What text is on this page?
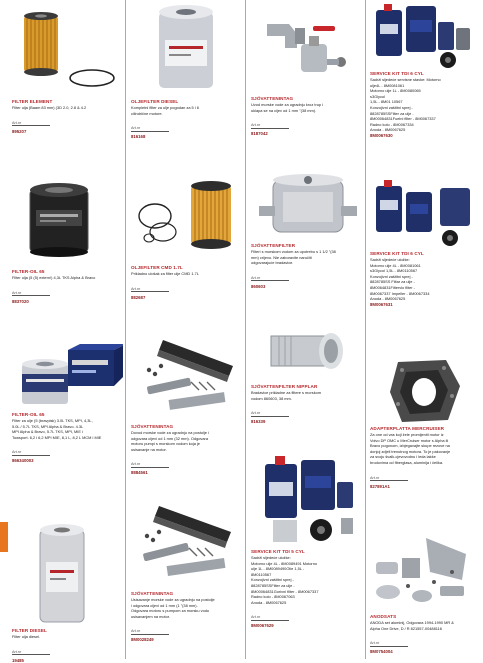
FILTER ELEMENT
Filter ulja (Baam 83 mm) (3D 2.0, 2.8 & 4.2
Art.nr
895207
FILTER-OIL 65
Filter ulja (5 (5) extern!) 4,3L TKS Alpha & Bravo
Art.nr
8837020
FILTER-OIL 65
Filter za ulje (5 (bravpisk) 3.0L TKS, MPI, 4,3L,
5.0L / 5.7L TKS, MPI Alpha & Bravo. 4.3L
MPI Alpha & Bravo, 5.7L TKS, MPI, MIE i
Towsport. 6,2 i 6,2 MPI MIE, 8,1 L, 8,2 L MCM i MIE
Art.nr
866340003
FILTER DIESEL
Filter ulja diesel.
Art.nr
19485
OLJEFILTER DIESEL
Kompletni filter za ulje pogodan za 5 i 6
cilindrične motore.
Art.nr
816168
OLJEFILTER CMD 1.7L
Prikladno ulošak za filter ulje CMD 1.7L
Art.nr
882687
SJÖVATTENINTAG
Dovod morske vode za ugradnju na postolje i
odgovara cijevi od 1 mm (32 mm). Odgovara
motoru pumpi s morskom vodom koja je
usisavanje na motor.
Art.nr
8884561
SJÖVATTENINTAG
Usisavanje morske vode za ugradnju na postolje
i odgovara cijevi od 1 mm (1 "(38 mm).
Odgovara motoru s pumpom za morsku vodu
usisavanjem na motor.
Art.nr
8M0028249
SJÖVATTENINTAG
Uvod morske vode za ugradnju kroz trup i
uklapa se na cijev od 1 mm "(38 mm).
Art.nr
8187042
SJÖVATTENFILTER
Filteri s morskom vodom za upotrebu s 1 1/2 "(38
mm) crijevo. Nie zaboravite naručiti
odgovarajuće bradavice.
Art.nr
860603
SJÖVATTENFILTER NIPPLAR
Bradavice prikladne za filtere s morskom
vodom 860603, 38 mm.
Art.nr
816339
SERVICE KIT TDI 5 CYL
Sadrži sljedeće uložke:
Motorno ulje 4L - 8M0089491 Motorno
ulje 1L - 8M0089490Olie 1,5L -
8M0110567
Konzojivni zaštitni sprej -
8828785SSFilter za ulje -
8M00064831Gorivni filter - 8M0067337
Radno kolo - 8M0067063
Anoda - 8M0067625
Art.nr
8M0067629
SERVICE KIT TDI 6 CYL
Sadrži sljedeće servisne stavke: Motorno
ulje4L - 8M0081061
Motorno ulje 1L - 8M0080065
s3Glycol
1,5L - 8M01 10567
Konzojivni zaštitni sprej -
8828785SSFilter za ulje -
8M00064831Fuelni filter - 8M0067337
Radno kolo - 8M0067334
Anoda - 8M0067625
8M0067630
SERVICE KIT TDI 6 CYL
Sadrži sljedeće uložke:
Motorno ulje 4L - 8M0081061
s3Glycol 1,5L - 8M0110567
Konzojivni zaštitni sprej -
8828785SS Filtar za ulje -
8M0064831Filtervlo filter -
8M0067337 Impeller - 8M0067334
Anoda - 8M0067625
8M0067631
ADAPTERPLATTA MERCRUISER
Za one od vas koji žele promijeniti motor iz
Volvo DP OMC u MerCruiser motor s Alpha ili
Bravo pogonom, izbjegavajte skupe rezove na
donjoj zdjeli trenutnog motora. To je pakovanje
za svoju švalk-cjevovodnu i leda lakše
brodovima od fiberglasa, aluminija i čelika.
Art.nr
827891A1
ANODSATS
ANODA set aluminij, Odgovara 1994-1990 MR &
Alpha One Drive, D / R 821557-00488116
Art.nr
8M0754004
